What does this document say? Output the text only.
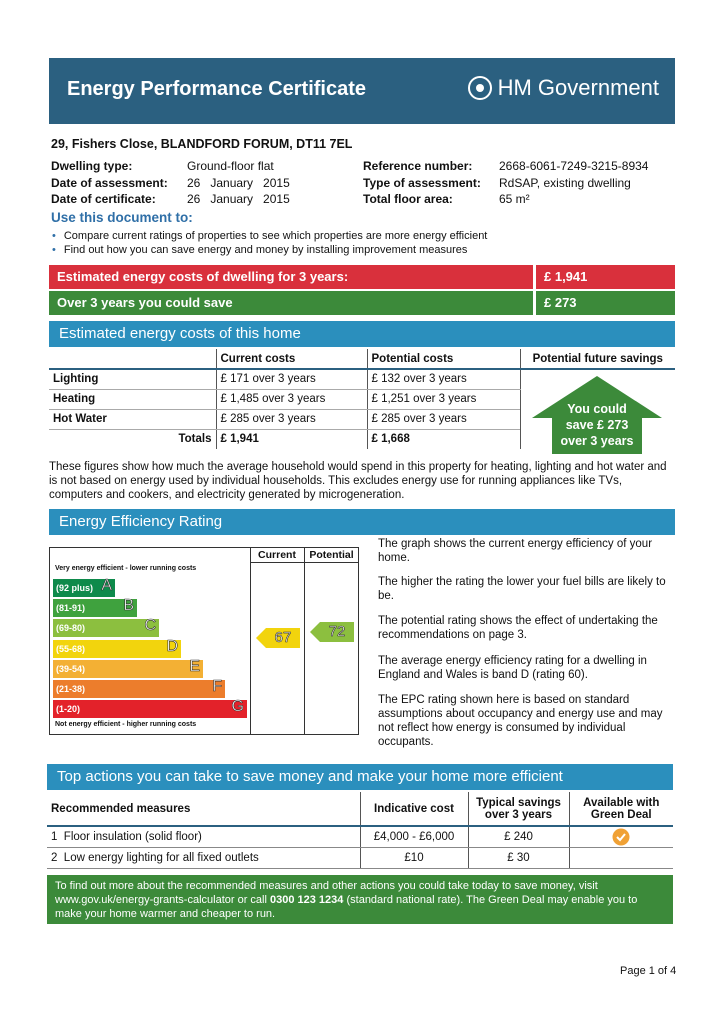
Energy Performance Certificate	HM Government
29, Fishers Close, BLANDFORD FORUM, DT11 7EL
Dwelling type:	Ground-floor flat
Date of assessment: 26   January   2015
Date of certificate:	26   January   2015
Reference number: 2668-6061-7249-3215-8934
Type of assessment: RdSAP, existing dwelling
Total floor area:	65 m²
Use this document to:
• Compare current ratings of properties to see which properties are more energy efficient
• Find out how you can save energy and money by installing improvement measures
Estimated energy costs of dwelling for 3 years:	£ 1,941
Over 3 years you could save	£ 273
Estimated energy costs of this home
	Current costs	Potential costs	Potential future savings
Lighting	£ 171 over 3 years	£ 132 over 3 years	
Heating	£ 1,485 over 3 years	£ 1,251 over 3 years	
Hot Water	£ 285 over 3 years	£ 285 over 3 years	
Totals	£ 1,941	£ 1,668	
You could
save £ 273
over 3 years
These figures show how much the average household would spend in this property for heating, lighting and hot water and is not based on energy used by individual households. This excludes energy use for running appliances like TVs, computers and cookers, and electricity generated by microgeneration.
Energy Efficiency Rating
Current	Potential
Very energy efficient - lower running costs
Not energy efficient - higher running costs
(92 plus) A
(81-91) B
(69-80)	C
(55-68)	D
(39-54)	E
(21-38)	F
(1-20)	G
67	72
The graph shows the current energy efficiency of your home.
The higher the rating the lower your fuel bills are likely to be.
The potential rating shows the effect of undertaking the recommendations on page 3.
The average energy efficiency rating for a dwelling in England and Wales is band D (rating 60).
The EPC rating shown here is based on standard assumptions about occupancy and energy use and may not reflect how energy is consumed by individual occupants.
Top actions you can take to save money and make your home more efficient
Recommended measures	Indicative cost	Typical savings over 3 years	Available with Green Deal
1 Floor insulation (solid floor)	£4,000 - £6,000	£ 240	
2 Low energy lighting for all fixed outlets	£10	£ 30	
To find out more about the recommended measures and other actions you could take today to save money, visit
www.gov.uk/energy-grants-calculator or call 0300 123 1234 (standard national rate). The Green Deal may enable you to
make your home warmer and cheaper to run.
Page 1 of 4
